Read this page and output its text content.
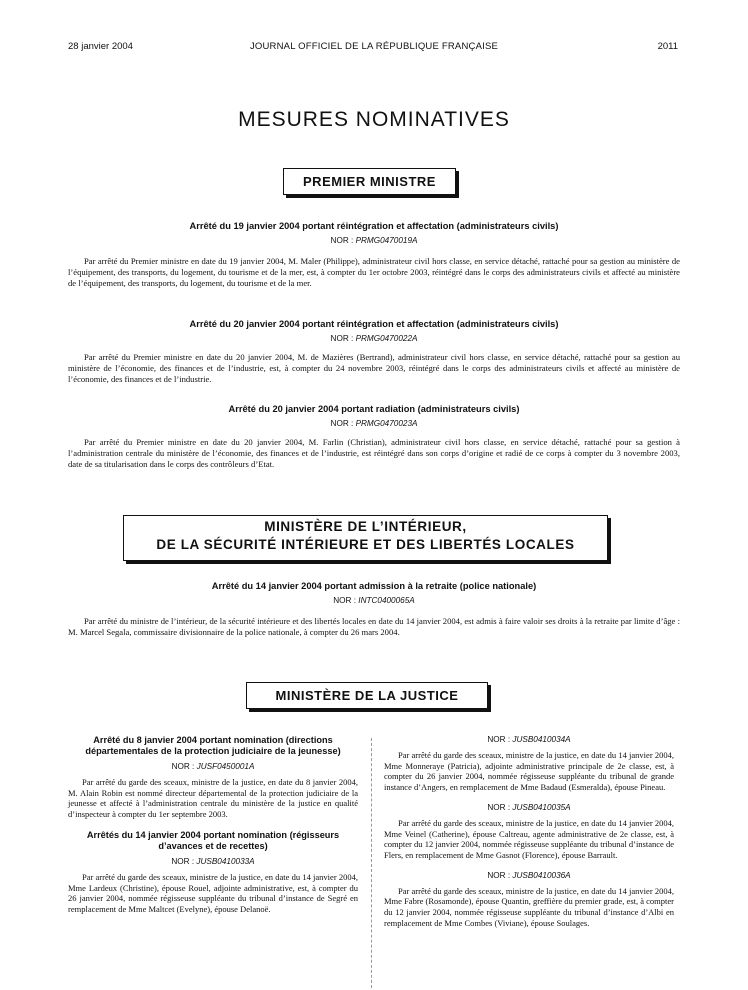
28 janvier 2004	JOURNAL OFFICIEL DE LA RÉPUBLIQUE FRANÇAISE	2011
MESURES NOMINATIVES
PREMIER MINISTRE
Arrêté du 19 janvier 2004 portant réintégration et affectation (administrateurs civils)
NOR : PRMG0470019A
Par arrêté du Premier ministre en date du 19 janvier 2004, M. Maler (Philippe), administrateur civil hors classe, en service détaché, rattaché pour sa gestion au ministère de l’équipement, des transports, du logement, du tourisme et de la mer, est, à compter du 1er octobre 2003, réintégré dans le corps des administrateurs civils et affecté au ministère de l’équipement, des transports, du logement, du tourisme et de la mer.
Arrêté du 20 janvier 2004 portant réintégration et affectation (administrateurs civils)
NOR : PRMG0470022A
Par arrêté du Premier ministre en date du 20 janvier 2004, M. de Mazières (Bertrand), administrateur civil hors classe, en service détaché, rattaché pour sa gestion au ministère de l’économie, des finances et de l’industrie, est, à compter du 24 novembre 2003, réintégré dans le corps des administrateurs civils et affecté au ministère de l’économie, des finances et de l’industrie.
Arrêté du 20 janvier 2004 portant radiation (administrateurs civils)
NOR : PRMG0470023A
Par arrêté du Premier ministre en date du 20 janvier 2004, M. Farlin (Christian), administrateur civil hors classe, en service détaché, rattaché pour sa gestion à l’administration centrale du ministère de l’économie, des finances et de l’industrie, est réintégré dans son corps d’origine et radié de ce corps à compter du 3 novembre 2003, date de sa titularisation dans le corps des contrôleurs d’Etat.
MINISTÈRE DE L’INTÉRIEUR,
DE LA SÉCURITÉ INTÉRIEURE ET DES LIBERTÉS LOCALES
Arrêté du 14 janvier 2004 portant admission à la retraite (police nationale)
NOR : INTC0400065A
Par arrêté du ministre de l’intérieur, de la sécurité intérieure et des libertés locales en date du 14 janvier 2004, est admis à faire valoir ses droits à la retraite par limite d’âge : M. Marcel Segala, commissaire divisionnaire de la police nationale, à compter du 26 mars 2004.
MINISTÈRE DE LA JUSTICE

Arrêté du 8 janvier 2004 portant nomination (directions départementales de la protection judiciaire de la jeunesse)

NOR : JUSF0450001A

Par arrêté du garde des sceaux, ministre de la justice, en date du 8 janvier 2004, M. Alain Robin est nommé directeur départemental de la protection judiciaire de la jeunesse et affecté à l’administration centrale du ministère de la justice en qualité d’inspecteur à compter du 1er septembre 2003.

Arrêtés du 14 janvier 2004 portant nomination (régisseurs d’avances et de recettes)

NOR : JUSB0410033A

Par arrêté du garde des sceaux, ministre de la justice, en date du 14 janvier 2004, Mme Lardeux (Christine), épouse Rouel, adjointe administrative, est, à compter du 26 janvier 2004, nommée régisseuse suppléante du tribunal d’instance de Segré en remplacement de Mme Maltcet (Evelyne), épouse Delanoë.

NOR : JUSB0410034A

Par arrêté du garde des sceaux, ministre de la justice, en date du 14 janvier 2004, Mme Monneraye (Patricia), adjointe administrative principale de 2e classe, est, à compter du 26 janvier 2004, nommée régisseuse suppléante du tribunal de grande instance d’Angers, en remplacement de Mme Badaud (Esmeralda), épouse Pineau.

NOR : JUSB0410035A

Par arrêté du garde des sceaux, ministre de la justice, en date du 14 janvier 2004, Mme Veinel (Catherine), épouse Caltreau, agente administrative de 2e classe, est, à compter du 12 janvier 2004, nommée régisseuse suppléante du tribunal d’instance de Flers, en remplacement de Mme Gasnot (Florence), épouse Barrault.

NOR : JUSB0410036A

Par arrêté du garde des sceaux, ministre de la justice, en date du 14 janvier 2004, Mme Fabre (Rosamonde), épouse Quantin, greffière du premier grade, est, à compter du 12 janvier 2004, nommée régisseuse suppléante du tribunal d’instance d’Albi en remplacement de Mme Combes (Viviane), épouse Soulages.
